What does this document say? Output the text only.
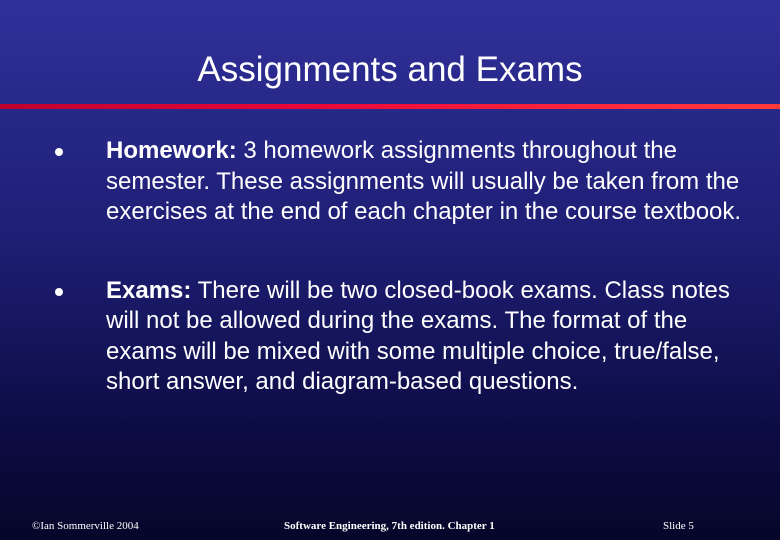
Assignments and Exams
Homework: 3 homework assignments throughout the semester. These assignments will usually be taken from the exercises at the end of each chapter in the course textbook.
Exams: There will be two closed-book exams. Class notes will not be allowed during the exams. The format of the exams will be mixed with some multiple choice, true/false, short answer, and diagram-based questions.
©Ian Sommerville 2004	Software Engineering, 7th edition. Chapter 1	Slide 5
